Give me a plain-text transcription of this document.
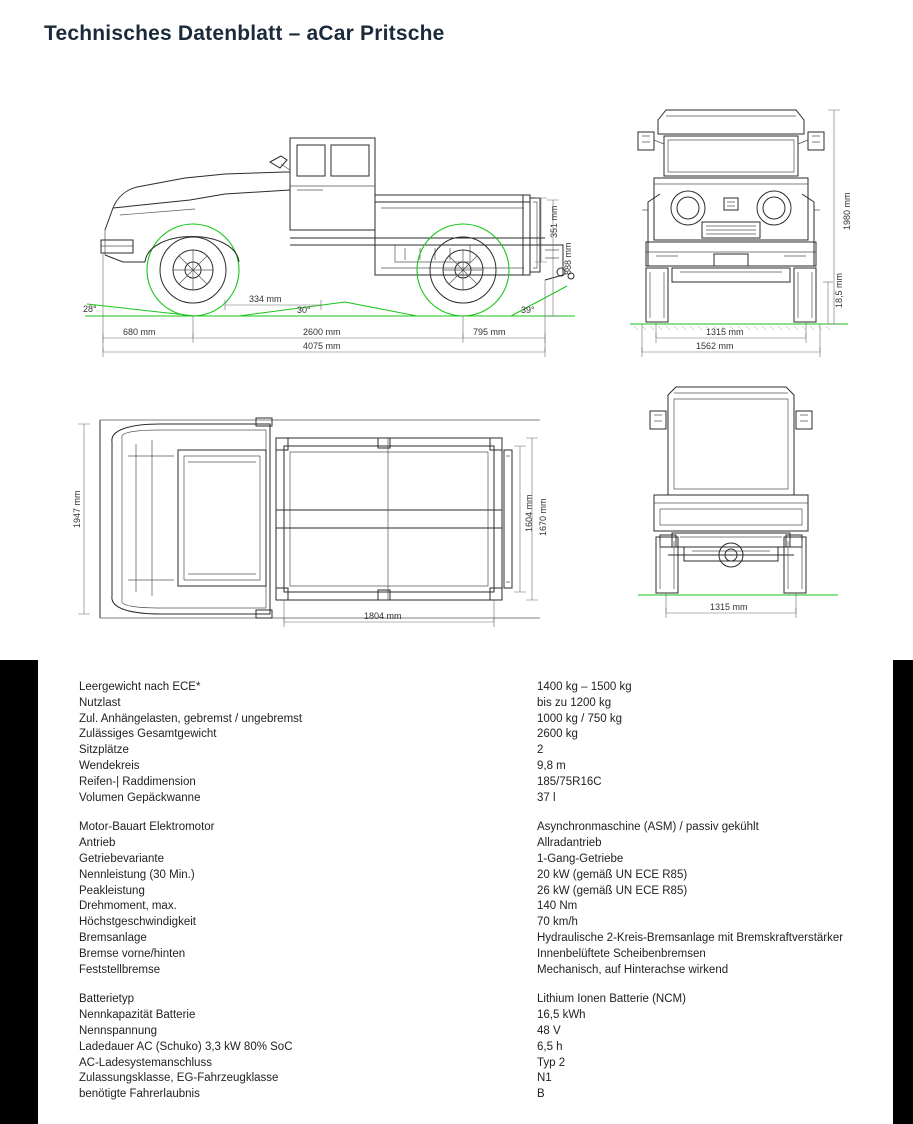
Technisches Datenblatt – aCar Pritsche
28°	30°	39°
351 mm
888 mm
334 mm
680 mm	2600 mm	795 mm
4075 mm
1980 mm
18,5 mm
1315 mm
1562 mm
1947 mm	1604 mm 1670 mm
1804 mm
1315 mm
Leergewicht nach ECE*	1400 kg – 1500 kg
Nutzlast	bis zu 1200 kg
Zul. Anhängelasten, gebremst / ungebremst	1000 kg / 750 kg
Zulässiges Gesamtgewicht	2600 kg
Sitzplätze	2
Wendekreis	9,8 m
Reifen-| Raddimension	185/75R16C
Volumen Gepäckwanne	37 l
Motor-Bauart Elektromotor	Asynchronmaschine (ASM) / passiv gekühlt
Antrieb	Allradantrieb
Getriebevariante	1-Gang-Getriebe
Nennleistung (30 Min.)	20 kW (gemäß UN ECE R85)
Peakleistung	26 kW (gemäß UN ECE R85)
Drehmoment, max.	140 Nm
Höchstgeschwindigkeit	70 km/h
Bremsanlage	Hydraulische 2-Kreis-Bremsanlage mit Bremskraftverstärker
Bremse vorne/hinten	Innenbelüftete Scheibenbremsen
Feststellbremse	Mechanisch, auf Hinterachse wirkend
Batterietyp	Lithium Ionen Batterie (NCM)
Nennkapazität Batterie	16,5 kWh
Nennspannung	48 V
Ladedauer AC (Schuko) 3,3 kW 80% SoC	6,5 h
AC-Ladesystemanschluss	Typ 2
Zulassungsklasse, EG-Fahrzeugklasse	N1
benötigte Fahrerlaubnis	B
